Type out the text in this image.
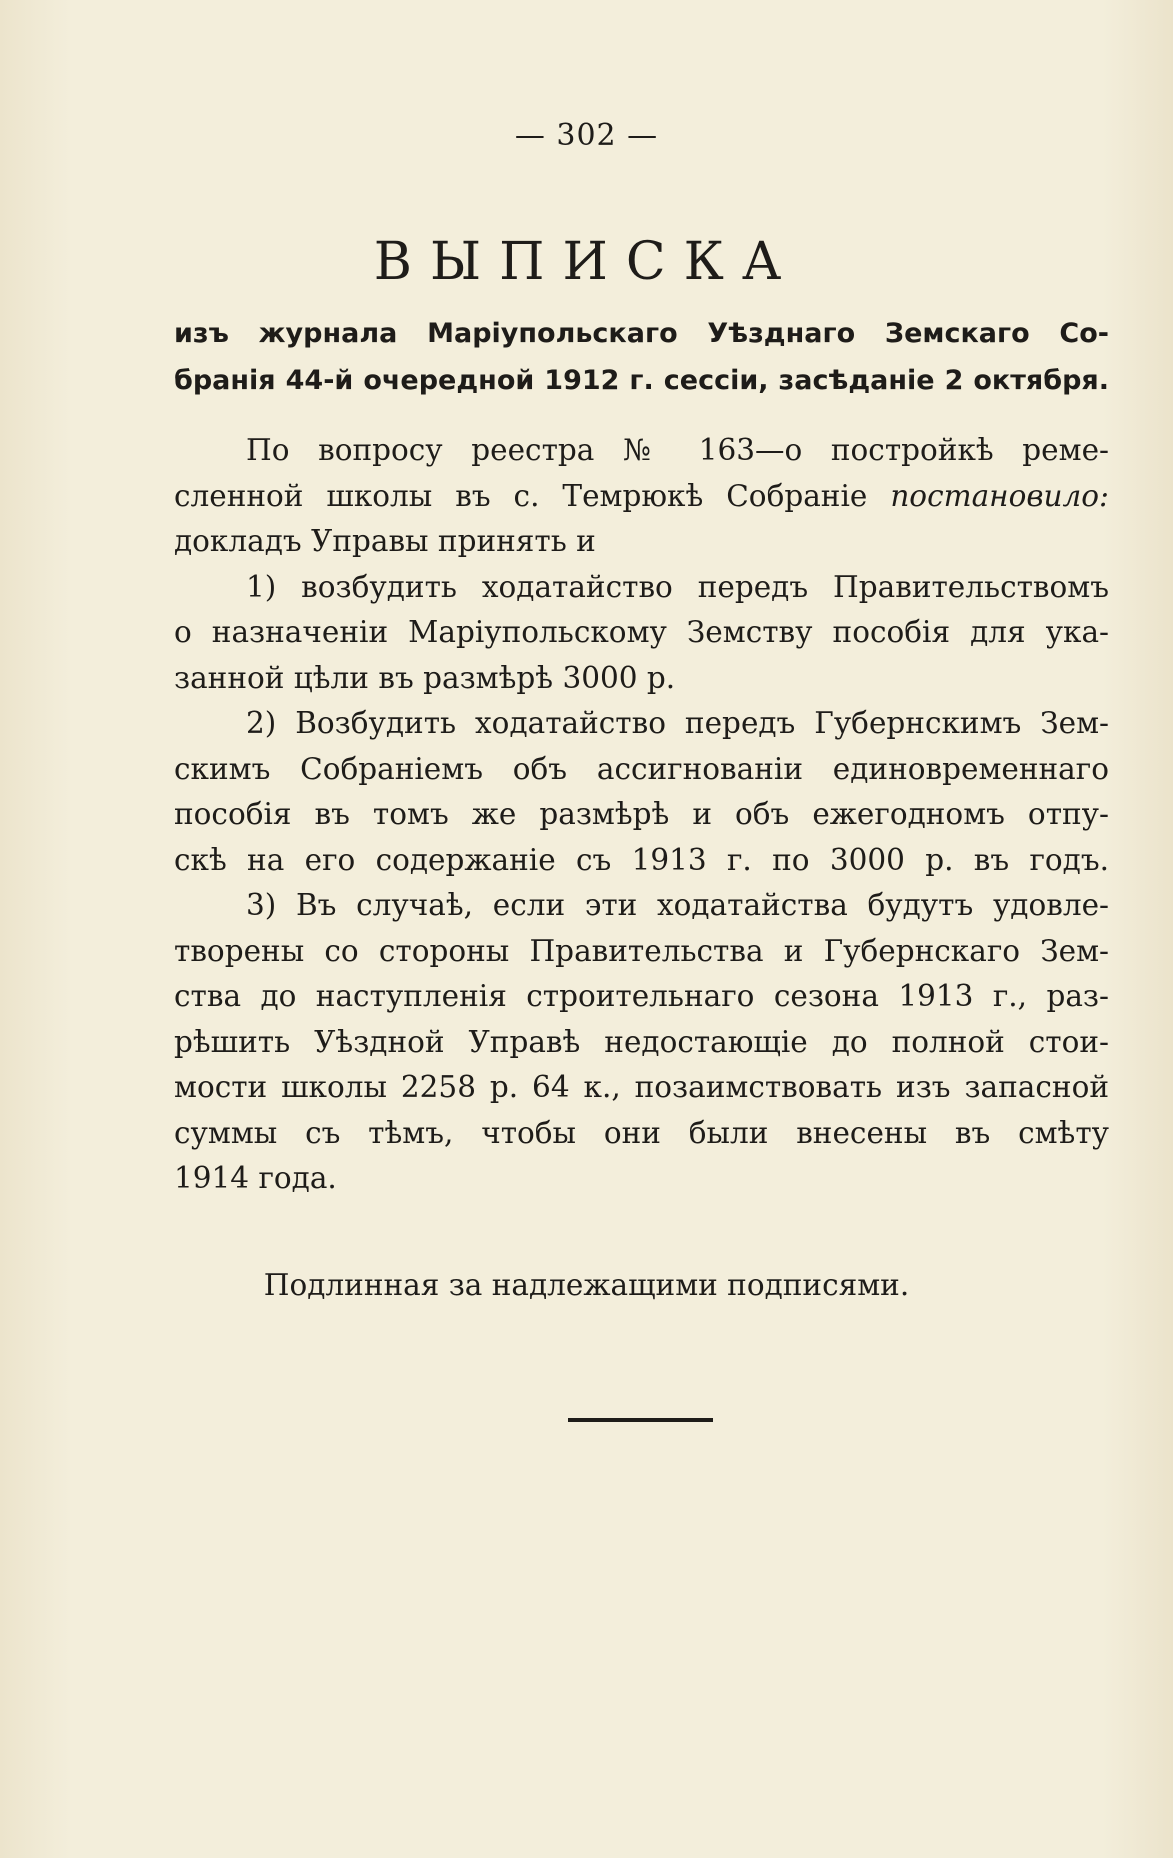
— 302 —
ВЫПИСКА
изъ журнала Маріупольскаго Уѣзднаго Земскаго Со-
бранія 44-й очередной 1912 г. сессіи, засѣданіе 2 октября.
По вопросу реестра № 163—о постройкѣ реме-
сленной школы въ с. Темрюкѣ Собраніе постановило:
докладъ Управы принять и
1) возбудить ходатайство передъ Правительствомъ
о назначеніи Маріупольскому Земству пособія для ука-
занной цѣли въ размѣрѣ 3000 р.
2) Возбудить ходатайство передъ Губернскимъ Зем-
скимъ Собраніемъ объ ассигнованіи единовременнаго
пособія въ томъ же размѣрѣ и объ ежегодномъ отпу-
скѣ на его содержаніе съ 1913 г. по 3000 р. въ годъ.
3) Въ случаѣ, если эти ходатайства будутъ удовле-
творены со стороны Правительства и Губернскаго Зем-
ства до наступленія строительнаго сезона 1913 г., раз-
рѣшить Уѣздной Управѣ недостающіе до полной стои-
мости школы 2258 р. 64 к., позаимствовать изъ запасной
суммы съ тѣмъ, чтобы они были внесены въ смѣту
1914 года.
Подлинная за надлежащими подписями.
